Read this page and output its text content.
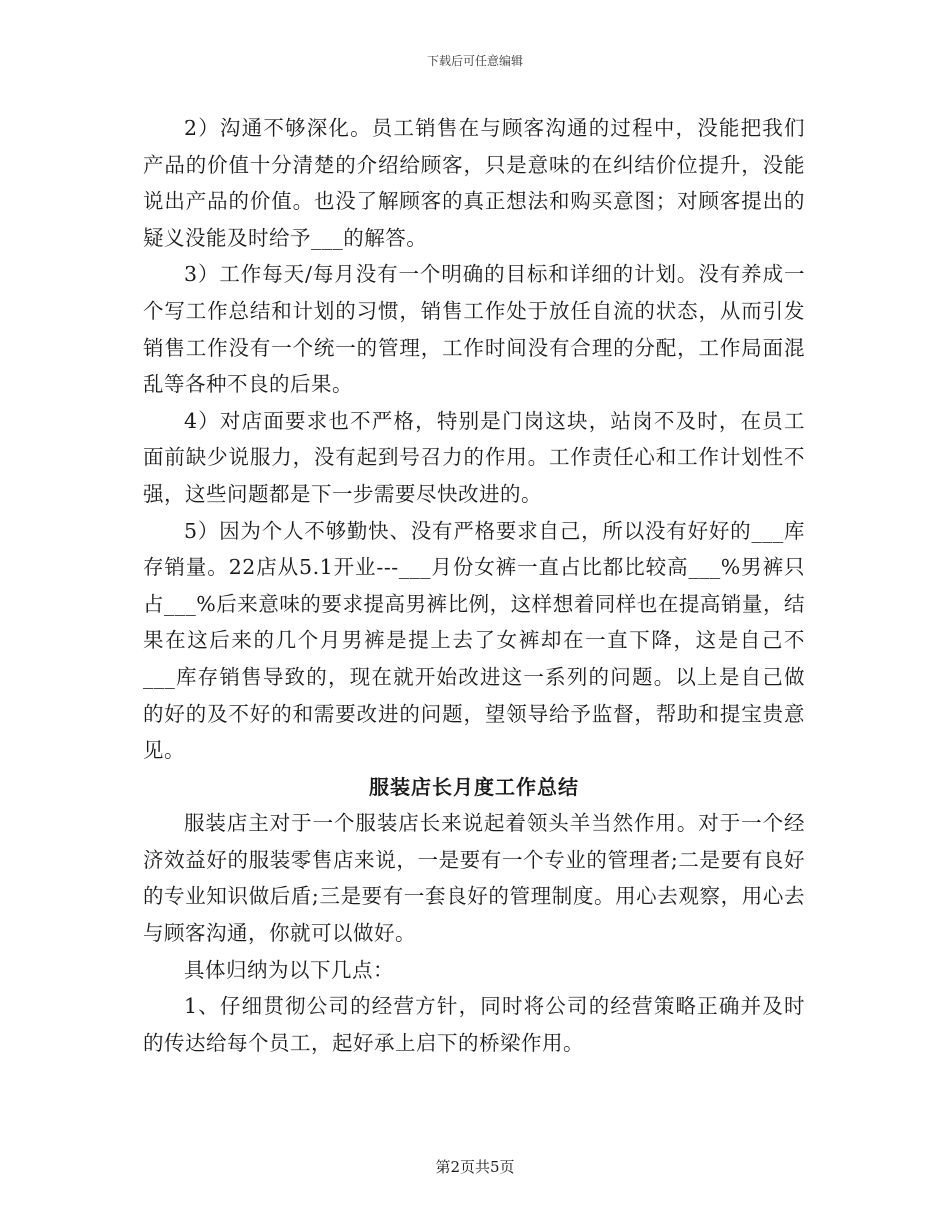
下载后可任意编辑

2）沟通不够深化。员工销售在与顾客沟通的过程中，没能把我们产品的价值十分清楚的介绍给顾客，只是意味的在纠结价位提升，没能说出产品的价值。也没了解顾客的真正想法和购买意图；对顾客提出的疑义没能及时给予___的解答。

3）工作每天/每月没有一个明确的目标和详细的计划。没有养成一个写工作总结和计划的习惯，销售工作处于放任自流的状态，从而引发销售工作没有一个统一的管理，工作时间没有合理的分配，工作局面混乱等各种不良的后果。

4）对店面要求也不严格，特别是门岗这块，站岗不及时，在员工面前缺少说服力，没有起到号召力的作用。工作责任心和工作计划性不强，这些问题都是下一步需要尽快改进的。

5）因为个人不够勤快、没有严格要求自己，所以没有好好的___库存销量。22店从5.1开业---___月份女裤一直占比都比较高___%男裤只占___%后来意味的要求提高男裤比例，这样想着同样也在提高销量，结果在这后来的几个月男裤是提上去了女裤却在一直下降，这是自己不___库存销售导致的，现在就开始改进这一系列的问题。以上是自己做的好的及不好的和需要改进的问题，望领导给予监督，帮助和提宝贵意见。

服装店长月度工作总结

服装店主对于一个服装店长来说起着领头羊当然作用。对于一个经济效益好的服装零售店来说，一是要有一个专业的管理者;二是要有良好的专业知识做后盾;三是要有一套良好的管理制度。用心去观察，用心去与顾客沟通，你就可以做好。

具体归纳为以下几点：

1、仔细贯彻公司的经营方针，同时将公司的经营策略正确并及时的传达给每个员工，起好承上启下的桥梁作用。

第2页共5页
